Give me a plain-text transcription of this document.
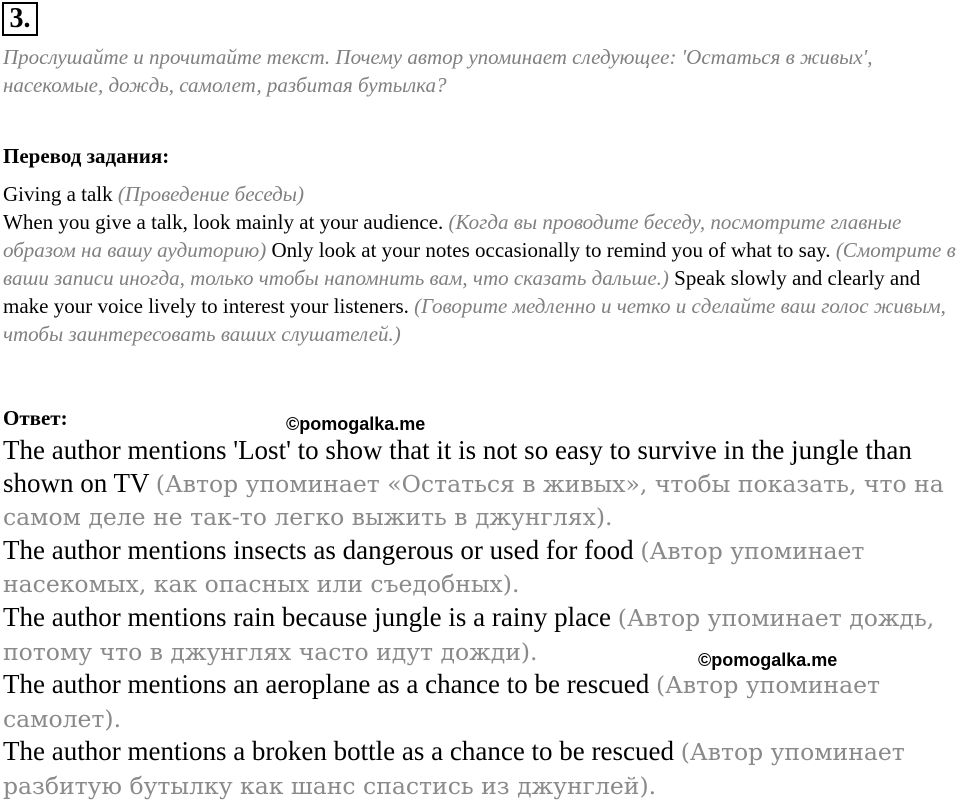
3.
Прослушайте и прочитайте текст. Почему автор упоминает следующее: 'Остаться в живых', насекомые, дождь, самолет, разбитая бутылка?
Перевод задания:
Giving a talk (Проведение беседы)
When you give a talk, look mainly at your audience. (Когда вы проводите беседу, посмотрите главные образом на вашу аудиторию) Only look at your notes occasionally to remind you of what to say. (Смотрите в ваши записи иногда, только чтобы напомнить вам, что сказать дальше.) Speak slowly and clearly and make your voice lively to interest your listeners. (Говорите медленно и четко и сделайте ваш голос живым, чтобы заинтересовать ваших слушателей.)
Ответ:	©pomogalka.me
The author mentions 'Lost' to show that it is not so easy to survive in the jungle than shown on TV (Автор упоминает «Остаться в живых», чтобы показать, что на самом деле не так-то легко выжить в джунглях).
The author mentions insects as dangerous or used for food (Автор упоминает насекомых, как опасных или съедобных).
The author mentions rain because jungle is a rainy place (Автор упоминает дождь, потому что в джунглях часто идут дожди).
The author mentions an aeroplane as a chance to be rescued (Автор упоминает самолет).
The author mentions a broken bottle as a chance to be rescued (Автор упоминает разбитую бутылку как шанс спастись из джунглей).
©pomogalka.me
